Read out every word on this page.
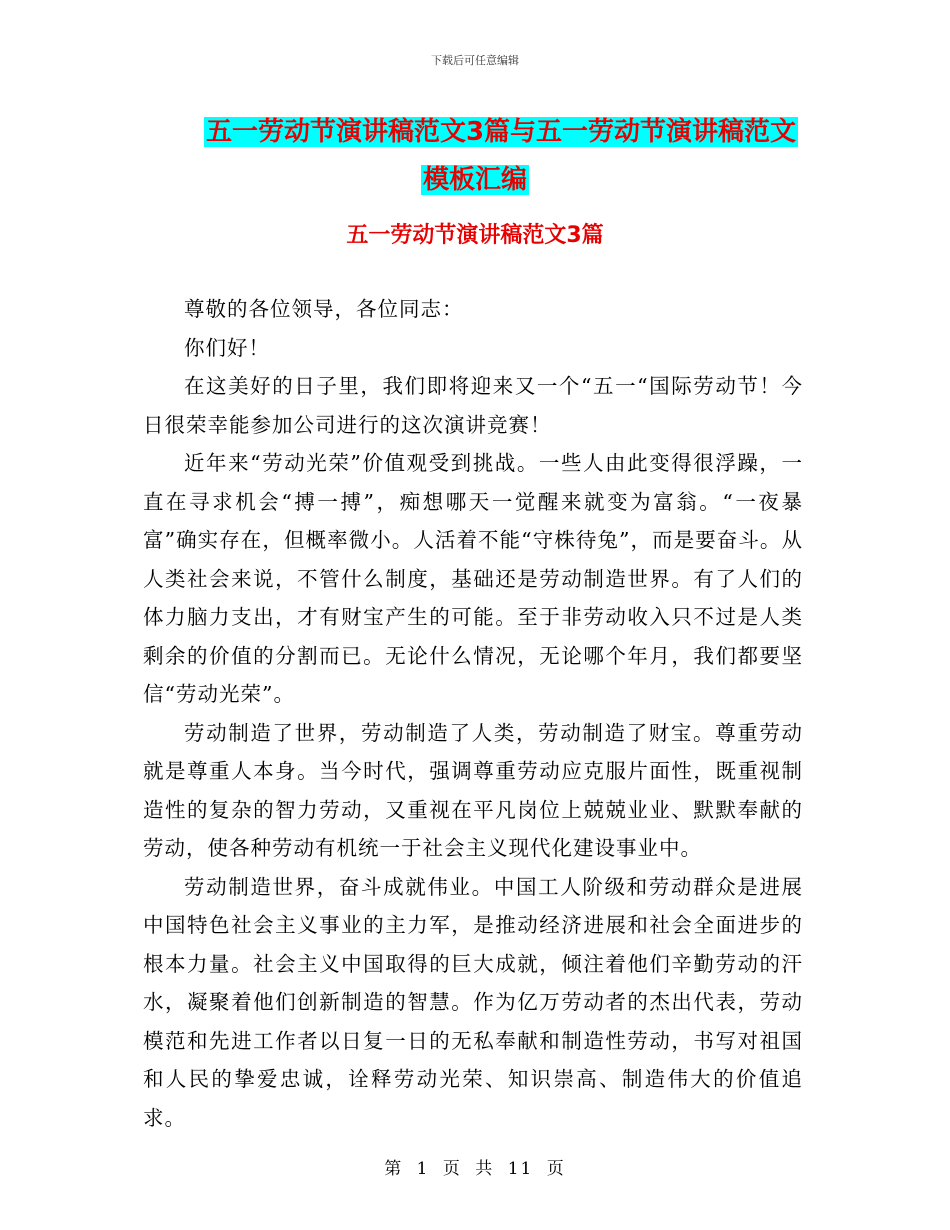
下载后可任意编辑
五一劳动节演讲稿范文3篇与五一劳动节演讲稿范文
模板汇编
五一劳动节演讲稿范文3篇

尊敬的各位领导，各位同志：

你们好！

在这美好的日子里，我们即将迎来又一个“五一“国际劳动节！今日很荣幸能参加公司进行的这次演讲竞赛！

近年来“劳动光荣”价值观受到挑战。一些人由此变得很浮躁，一直在寻求机会“搏一搏”，痴想哪天一觉醒来就变为富翁。“一夜暴富”确实存在，但概率微小。人活着不能“守株待兔”，而是要奋斗。从人类社会来说，不管什么制度，基础还是劳动制造世界。有了人们的体力脑力支出，才有财宝产生的可能。至于非劳动收入只不过是人类剩余的价值的分割而已。无论什么情况，无论哪个年月，我们都要坚信“劳动光荣”。

劳动制造了世界，劳动制造了人类，劳动制造了财宝。尊重劳动就是尊重人本身。当今时代，强调尊重劳动应克服片面性，既重视制造性的复杂的智力劳动，又重视在平凡岗位上兢兢业业、默默奉献的劳动，使各种劳动有机统一于社会主义现代化建设事业中。

劳动制造世界，奋斗成就伟业。中国工人阶级和劳动群众是进展中国特色社会主义事业的主力军，是推动经济进展和社会全面进步的根本力量。社会主义中国取得的巨大成就，倾注着他们辛勤劳动的汗水，凝聚着他们创新制造的智慧。作为亿万劳动者的杰出代表，劳动模范和先进工作者以日复一日的无私奉献和制造性劳动，书写对祖国和人民的挚爱忠诚，诠释劳动光荣、知识崇高、制造伟大的价值追求。

第 1 页 共 11 页
